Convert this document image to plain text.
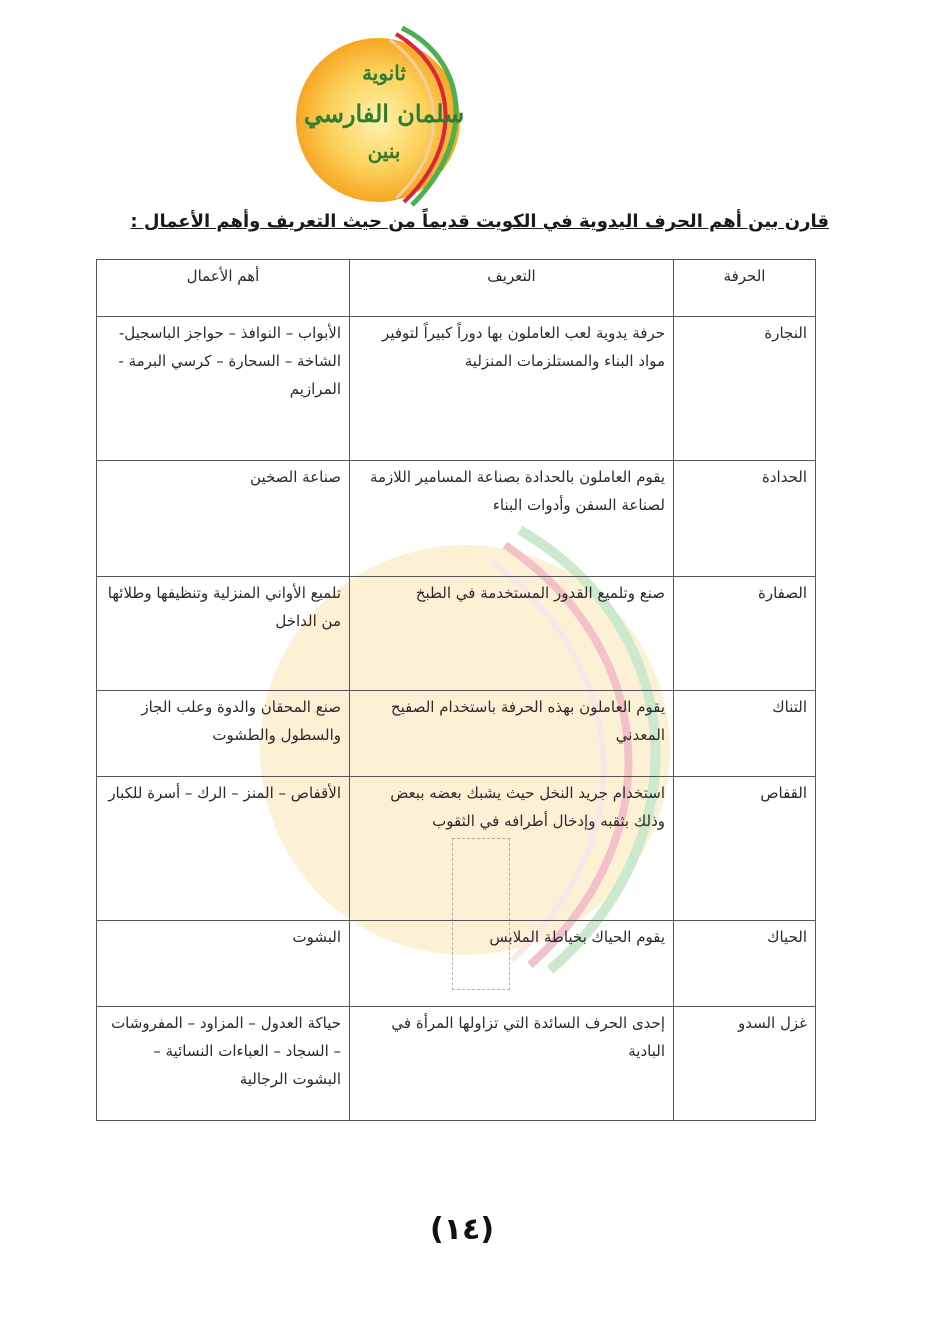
ثانوية
سلمان الفارسي
بنين
قارن بين أهم الحرف اليدوية في الكويت قديماً من حيث التعريف وأهم الأعمال :
الحرفة	التعريف	أهم الأعمال
النجارة	حرفة يدوية لعب العاملون بها دوراً كبيراً لتوفير مواد البناء والمستلزمات المنزلية	الأبواب – النوافذ – حواجز الباسجيل- الشاخة – السحارة – كرسي البرمة - المرازيم
الحدادة	يقوم العاملون بالحدادة بصناعة المسامير اللازمة لصناعة السفن وأدوات البناء	صناعة الصخين
الصفارة	صنع وتلميع القدور المستخدمة في الطبخ	تلميع الأواني المنزلية وتنظيفها وطلائها من الداخل
التناك	يقوم العاملون بهذه الحرفة باستخدام الصفيح المعدني	صنع المحقان والدوة وعلب الجاز والسطول والطشوت
القفاص	استخدام جريد النخل حيث يشبك بعضه ببعض وذلك بثقبه وإدخال أطرافه في الثقوب	الأقفاص – المنز – الرك – أسرة للكبار
الحياك	يقوم الحياك بخياطة الملابس	البشوت
غزل السدو	إحدى الحرف السائدة التي تزاولها المرأة في البادية	حياكة العدول – المزاود – المفروشات – السجاد – العباءات النسائية – البشوت الرجالية
(١٤)
